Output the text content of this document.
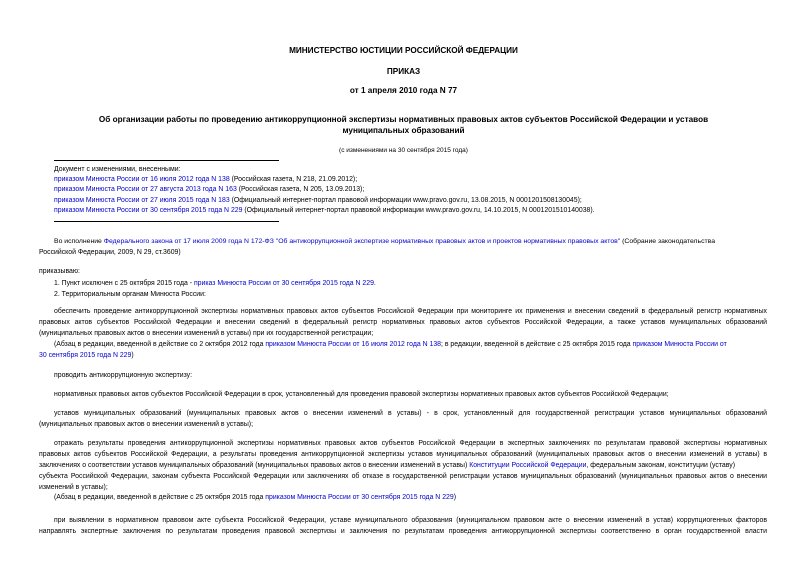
МИНИСТЕРСТВО ЮСТИЦИИ РОССИЙСКОЙ ФЕДЕРАЦИИ
ПРИКАЗ
от 1 апреля 2010 года N 77
Об организации работы по проведению антикоррупционной экспертизы нормативных правовых актов субъектов Российской Федерации и уставов
муниципальных образований
(с изменениями на 30 сентября 2015 года)
Документ с изменениями, внесенными:
приказом Минюста России от 16 июля 2012 года N 138 (Российская газета, N 218, 21.09.2012);
приказом Минюста России от 27 августа 2013 года N 163 (Российская газета, N 205, 13.09.2013);
приказом Минюста России от 27 июля 2015 года N 183 (Официальный интернет-портал правовой информации www.pravo.gov.ru, 13.08.2015, N 0001201508130045);
приказом Минюста России от 30 сентября 2015 года N 229 (Официальный интернет-портал правовой информации www.pravo.gov.ru, 14.10.2015, N 0001201510140038).
Во исполнение Федерального закона от 17 июля 2009 года N 172-ФЗ "Об антикоррупционной экспертизе нормативных правовых актов и проектов нормативных правовых актов" (Собрание законодательства
Российской Федерации, 2009, N 29, ст.3609)
приказываю:
1. Пункт исключен с 25 октября 2015 года - приказ Минюста России от 30 сентября 2015 года N 229.
2. Территориальным органам Минюста России:
обеспечить проведение антикоррупционной экспертизы нормативных правовых актов субъектов Российской Федерации при мониторинге их применения и внесении сведений в федеральный регистр нормативных
правовых актов субъектов Российской Федерации и внесении сведений в федеральный регистр нормативных правовых актов субъектов Российской Федерации, а также уставов муниципальных образований
(муниципальных правовых актов о внесении изменений в уставы) при их государственной регистрации;
(Абзац в редакции, введенной в действие со 2 октября 2012 года приказом Минюста России от 16 июля 2012 года N 138; в редакции, введенной в действие с 25 октября 2015 года приказом Минюста России от
30 сентября 2015 года N 229)
проводить антикоррупционную экспертизу:
нормативных правовых актов субъектов Российской Федерации в срок, установленный для проведения правовой экспертизы нормативных правовых актов субъектов Российской Федерации;
уставов муниципальных образований (муниципальных правовых актов о внесении изменений в уставы) - в срок, установленный для государственной регистрации уставов муниципальных образований
(муниципальных правовых актов о внесении изменений в уставы);
отражать результаты проведения антикоррупционной экспертизы нормативных правовых актов субъектов Российской Федерации в экспертных заключениях по результатам правовой экспертизы нормативных
правовых актов субъектов Российской Федерации, а результаты проведения антикоррупционной экспертизы уставов муниципальных образований (муниципальных правовых актов о внесении изменений в уставы) в
заключениях о соответствии уставов муниципальных образований (муниципальных правовых актов о внесении изменений в уставы) Конституции Российской Федерации, федеральным законам, конституции (уставу)
субъекта Российской Федерации, законам субъекта Российской Федерации или заключениях об отказе в государственной регистрации уставов муниципальных образований (муниципальных правовых актов о внесении
изменений в уставы);
(Абзац в редакции, введенной в действие с 25 октября 2015 года приказом Минюста России от 30 сентября 2015 года N 229)
при выявлении в нормативном правовом акте субъекта Российской Федерации, уставе муниципального образования (муниципальном правовом акте о внесении изменений в устав) коррупциогенных факторов
направлять экспертные заключения по результатам проведения правовой экспертизы и заключения по результатам проведения антикоррупционной экспертизы соответственно в орган государственной власти
